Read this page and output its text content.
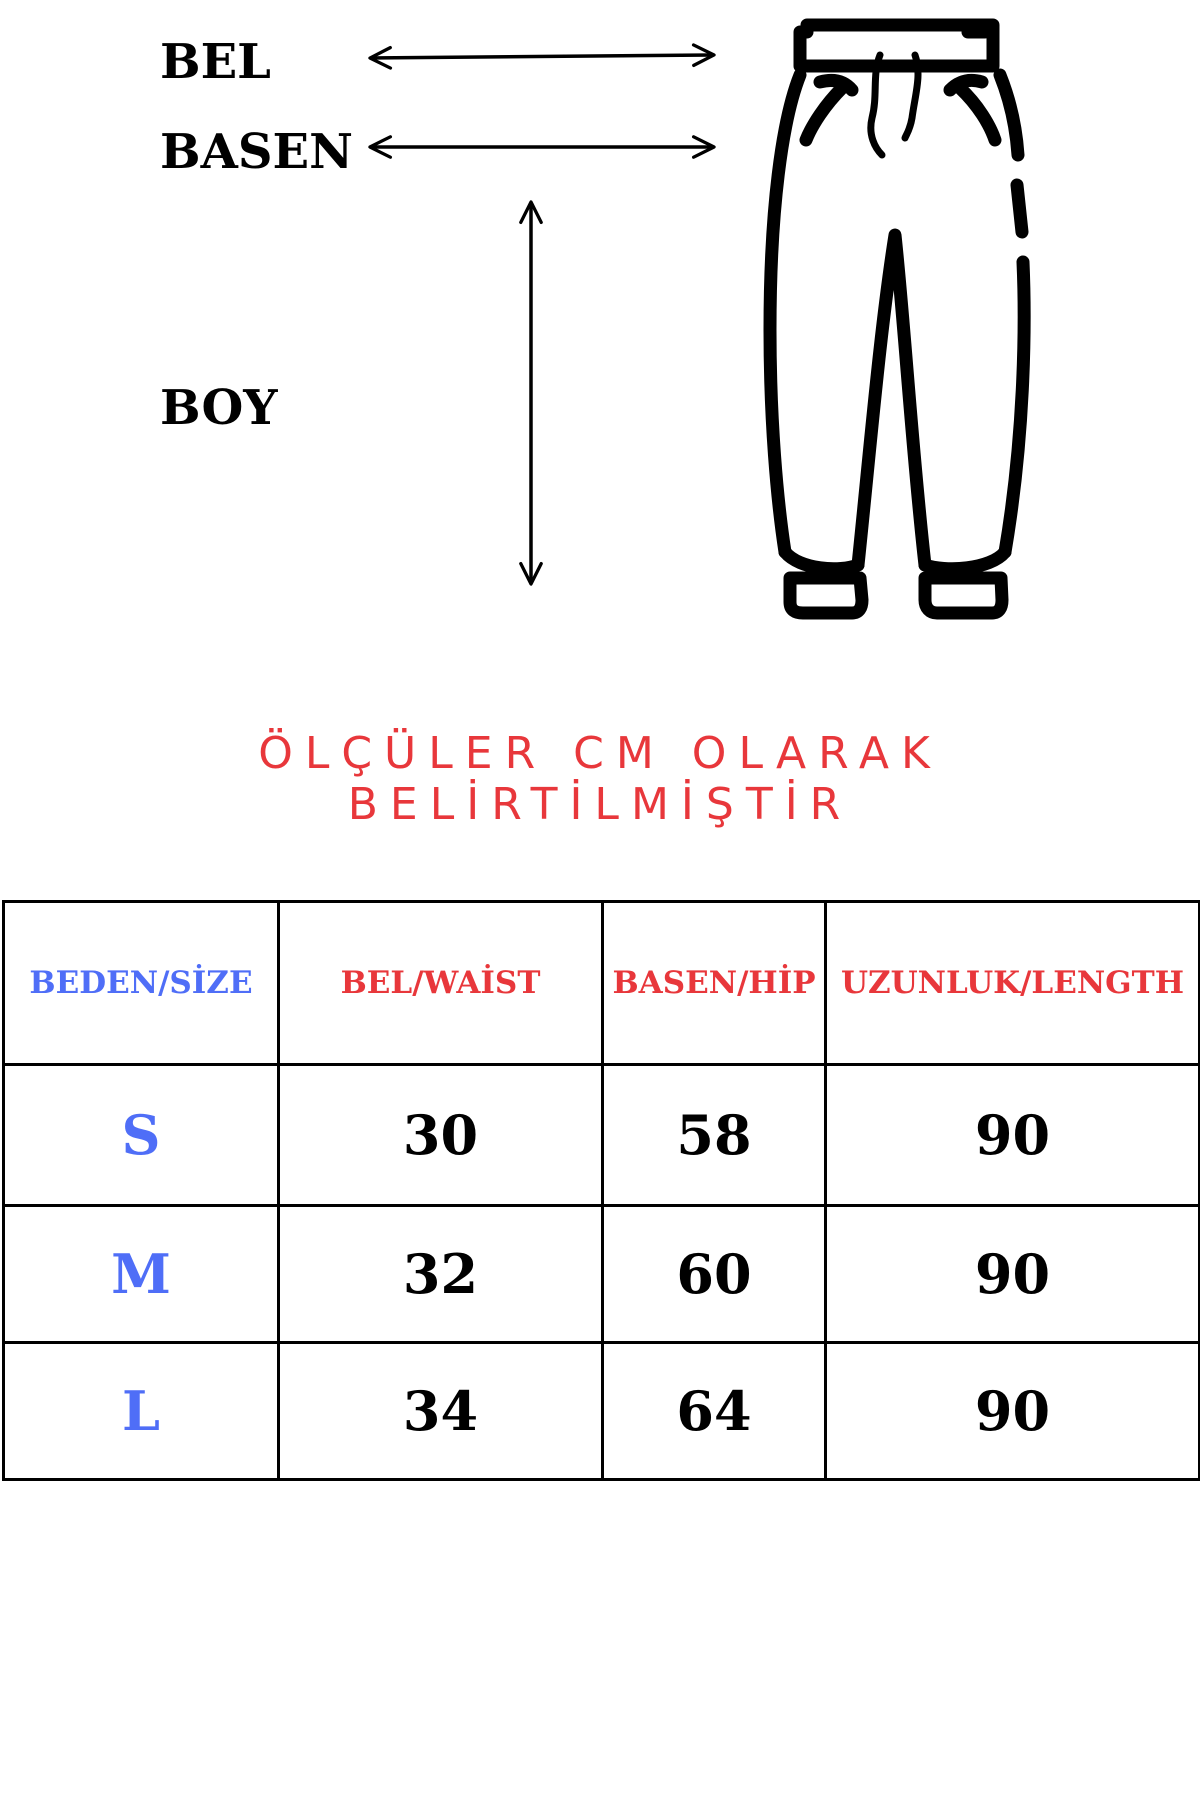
BEL
BASEN
BOY
ÖLÇÜLER CM OLARAK BELİRTİLMİŞTİR
BEDEN/SİZE	BEL/WAİST	BASEN/HİP	UZUNLUK/LENGTH
S	30	58	90
M	32	60	90
L	34	64	90
